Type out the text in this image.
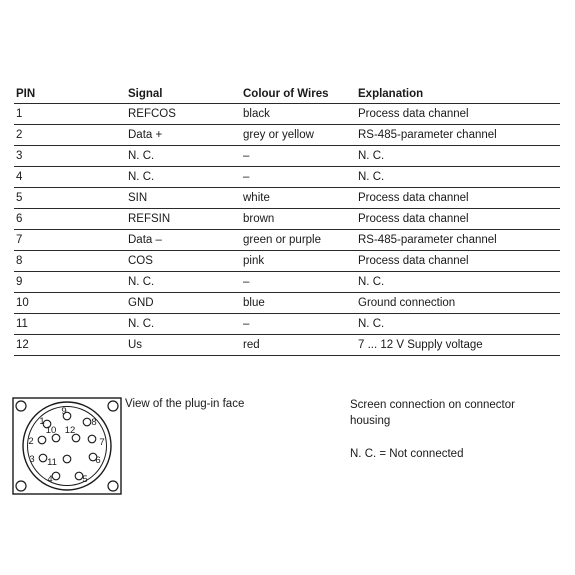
PIN	Signal	Colour of Wires	Explanation
1	REFCOS	black	Process data channel
2	Data +	grey or yellow	RS-485-parameter channel
3	N. C.	–	N. C.
4	N. C.	–	N. C.
5	SIN	white	Process data channel
6	REFSIN	brown	Process data channel
7	Data –	green or purple	RS-485-parameter channel
8	COS	pink	Process data channel
9	N. C.	–	N. C.
10	GND	blue	Ground connection
11	N. C.	–	N. C.
12	Us	red	7 ... 12 V Supply voltage
1
2
3
4	5
6
7
8
9
10
11
12
View of the plug-in face	Screen connection on connector housing
N. C. = Not connected
